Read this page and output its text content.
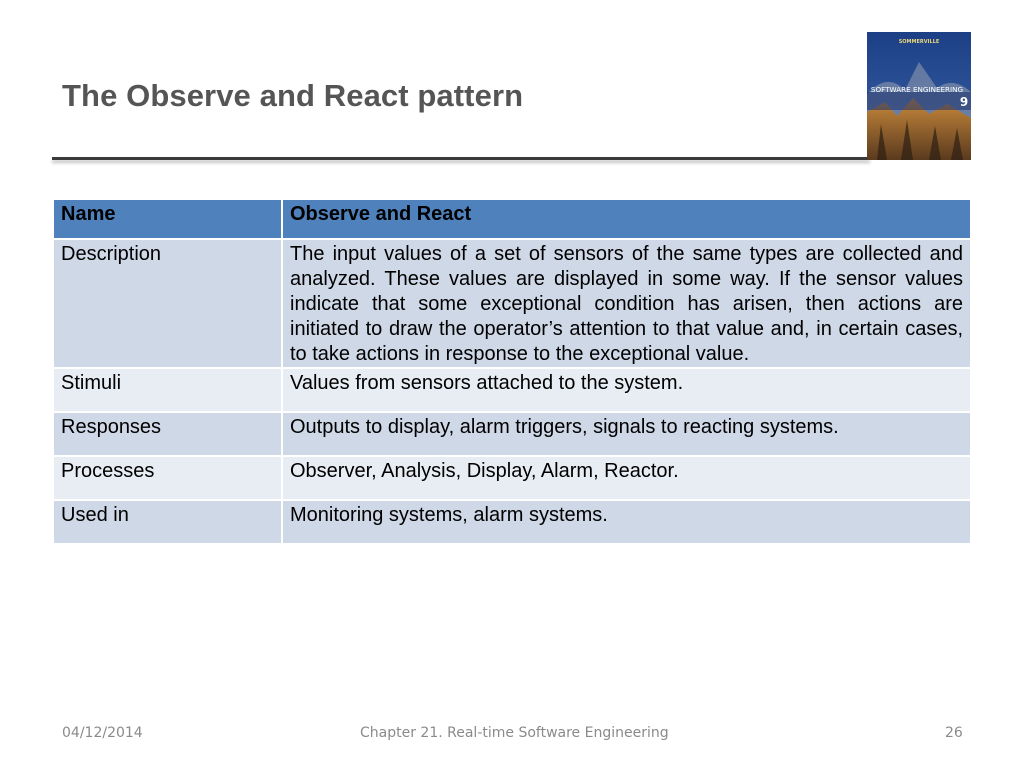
The Observe and React pattern
SOMMERVILLE
SOFTWARE ENGINEERING
9
Name	Observe and React
Description	The input values of a set of sensors of the same types are collected and analyzed. These values are displayed in some way. If the sensor values indicate that some exceptional condition has arisen, then actions are initiated to draw the operator’s attention to that value and, in certain cases, to take actions in response to the exceptional value.
Stimuli	Values from sensors attached to the system.
Responses	Outputs to display, alarm triggers, signals to reacting systems.
Processes	Observer, Analysis, Display, Alarm, Reactor.
Used in	Monitoring systems, alarm systems.
04/12/2014	Chapter 21. Real-time Software Engineering	26
